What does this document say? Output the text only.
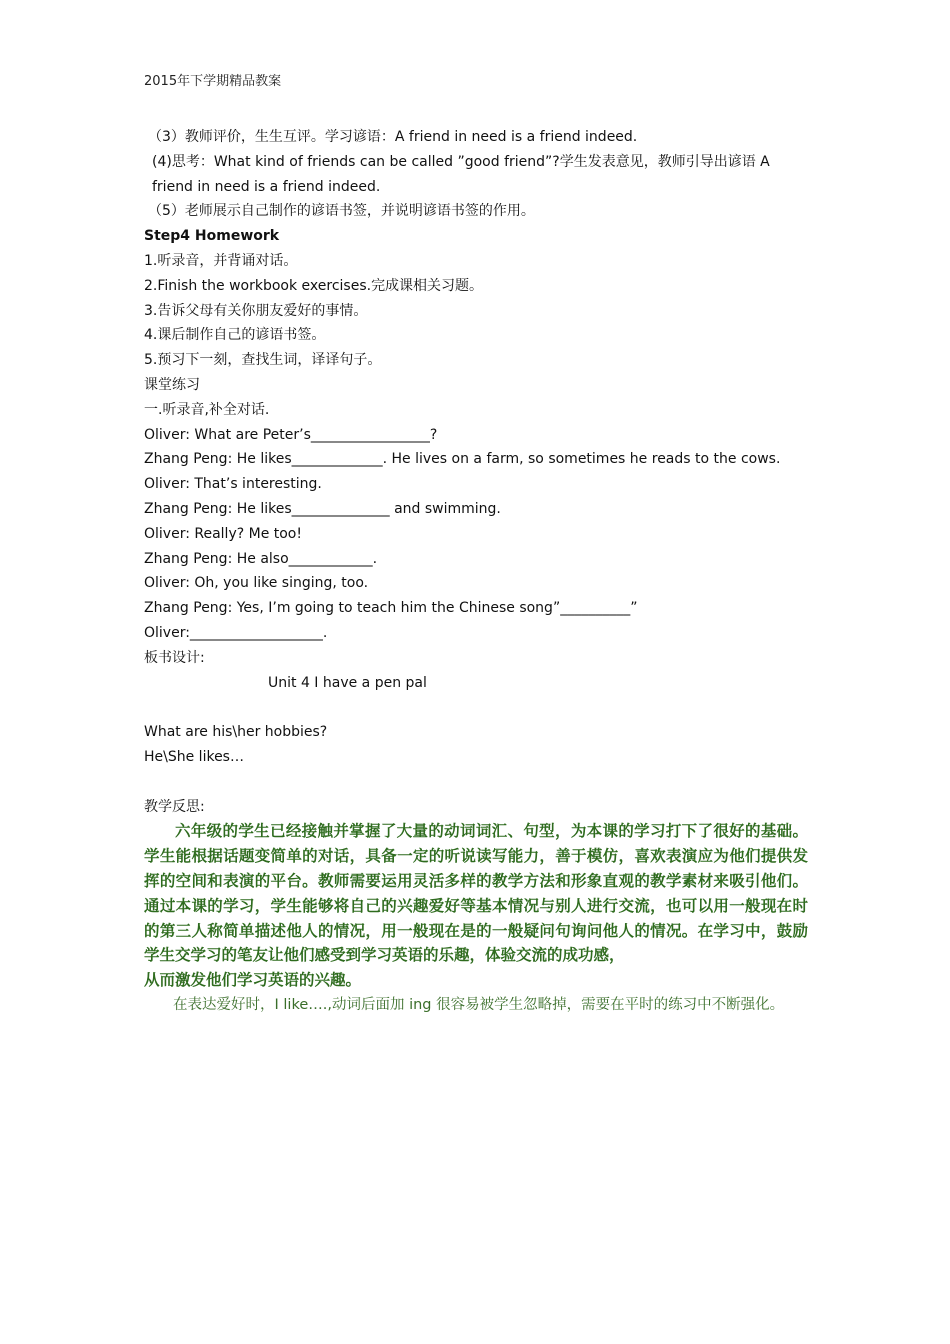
2015年下学期精品教案
（3）教师评价，生生互评。学习谚语：A friend in need is a friend indeed.
(4)思考：What kind of friends can be called ”good friend”?学生发表意见，教师引导出谚语 A friend in need is a friend indeed.
（5）老师展示自己制作的谚语书签，并说明谚语书签的作用。
Step4 Homework
1.听录音，并背诵对话。
2.Finish the workbook exercises.完成课相关习题。
3.告诉父母有关你朋友爱好的事情。
4.课后制作自己的谚语书签。
5.预习下一刻，查找生词，译译句子。
课堂练习
一.听录音,补全对话.
Oliver: What are Peter’s_________________?
Zhang Peng: He likes_____________. He lives on a farm, so sometimes he reads to the cows.
Oliver: That’s interesting.
Zhang Peng: He likes______________ and swimming.
Oliver: Really? Me too!
Zhang Peng: He also____________.
Oliver: Oh, you like singing, too.
Zhang Peng: Yes, I’m going to teach him the Chinese song”__________”
Oliver:___________________.
板书设计:
Unit 4 I have a pen pal
What are his\her hobbies?
He\She likes…
教学反思:
六年级的学生已经接触并掌握了大量的动词词汇、句型，为本课的学习打下了很好的基础。学生能根据话题变简单的对话，具备一定的听说读写能力，善于模仿，喜欢表演应为他们提供发挥的空间和表演的平台。教师需要运用灵活多样的教学方法和形象直观的教学素材来吸引他们。通过本课的学习，学生能够将自己的兴趣爱好等基本情况与别人进行交流，也可以用一般现在时的第三人称简单描述他人的情况，用一般现在是的一般疑问句询问他人的情况。在学习中，鼓励学生交学习的笔友让他们感受到学习英语的乐趣，体验交流的成功感，
从而激发他们学习英语的兴趣。
在表达爱好时，I like….,动词后面加 ing 很容易被学生忽略掉，需要在平时的练习中不断强化。
